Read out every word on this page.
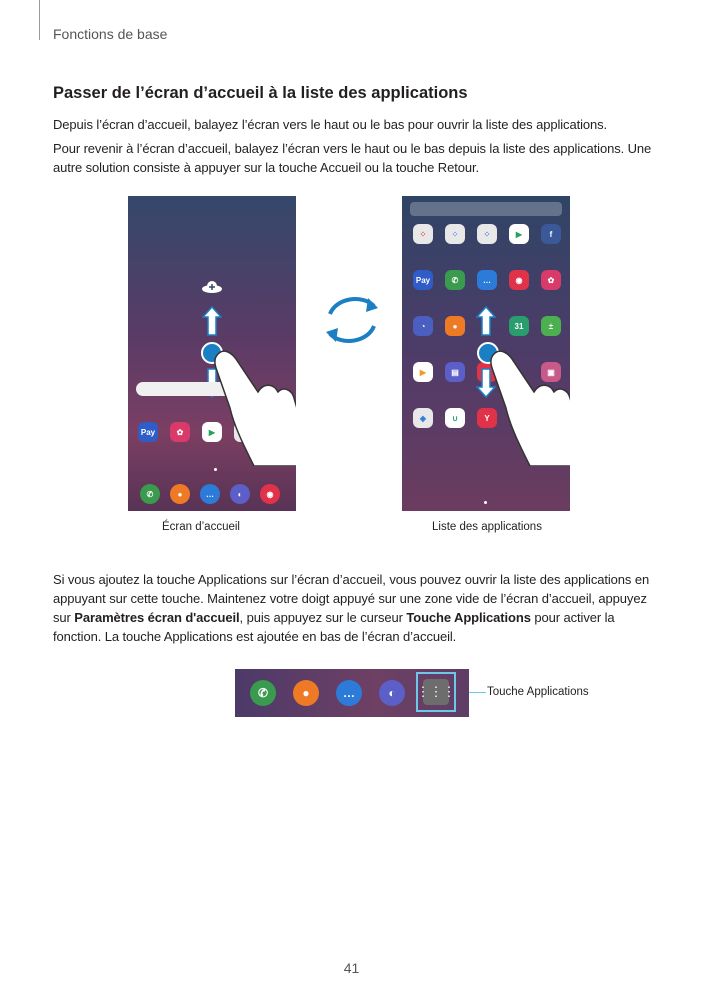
Fonctions de base
Passer de l’écran d’accueil à la liste des applications

Depuis l’écran d’accueil, balayez l’écran vers le haut ou le bas pour ouvrir la liste des applications.

Pour revenir à l’écran d’accueil, balayez l’écran vers le haut ou le bas depuis la liste des applications. Une autre solution consiste à appuyer sur la touche Accueil ou la touche Retour.

Pay	✿	▶
✆	●	…	◐	◉
⁘	⁘	⁘	▶	f
Pay	✆	…	◉	✿
◔	●	31	±
▶	▤	▣
◈	∪	Y
Écran d’accueil	Liste des applications

Si vous ajoutez la touche Applications sur l’écran d’accueil, vous pouvez ouvrir la liste des applications en appuyant sur cette touche. Maintenez votre doigt appuyé sur une zone vide de l’écran d’accueil, appuyez sur Paramètres écran d'accueil, puis appuyez sur le curseur Touche Applications pour activer la fonction. La touche Applications est ajoutée en bas de l’écran d’accueil.

✆	●	…	◐	⋮⋮⋮	Touche Applications
41
